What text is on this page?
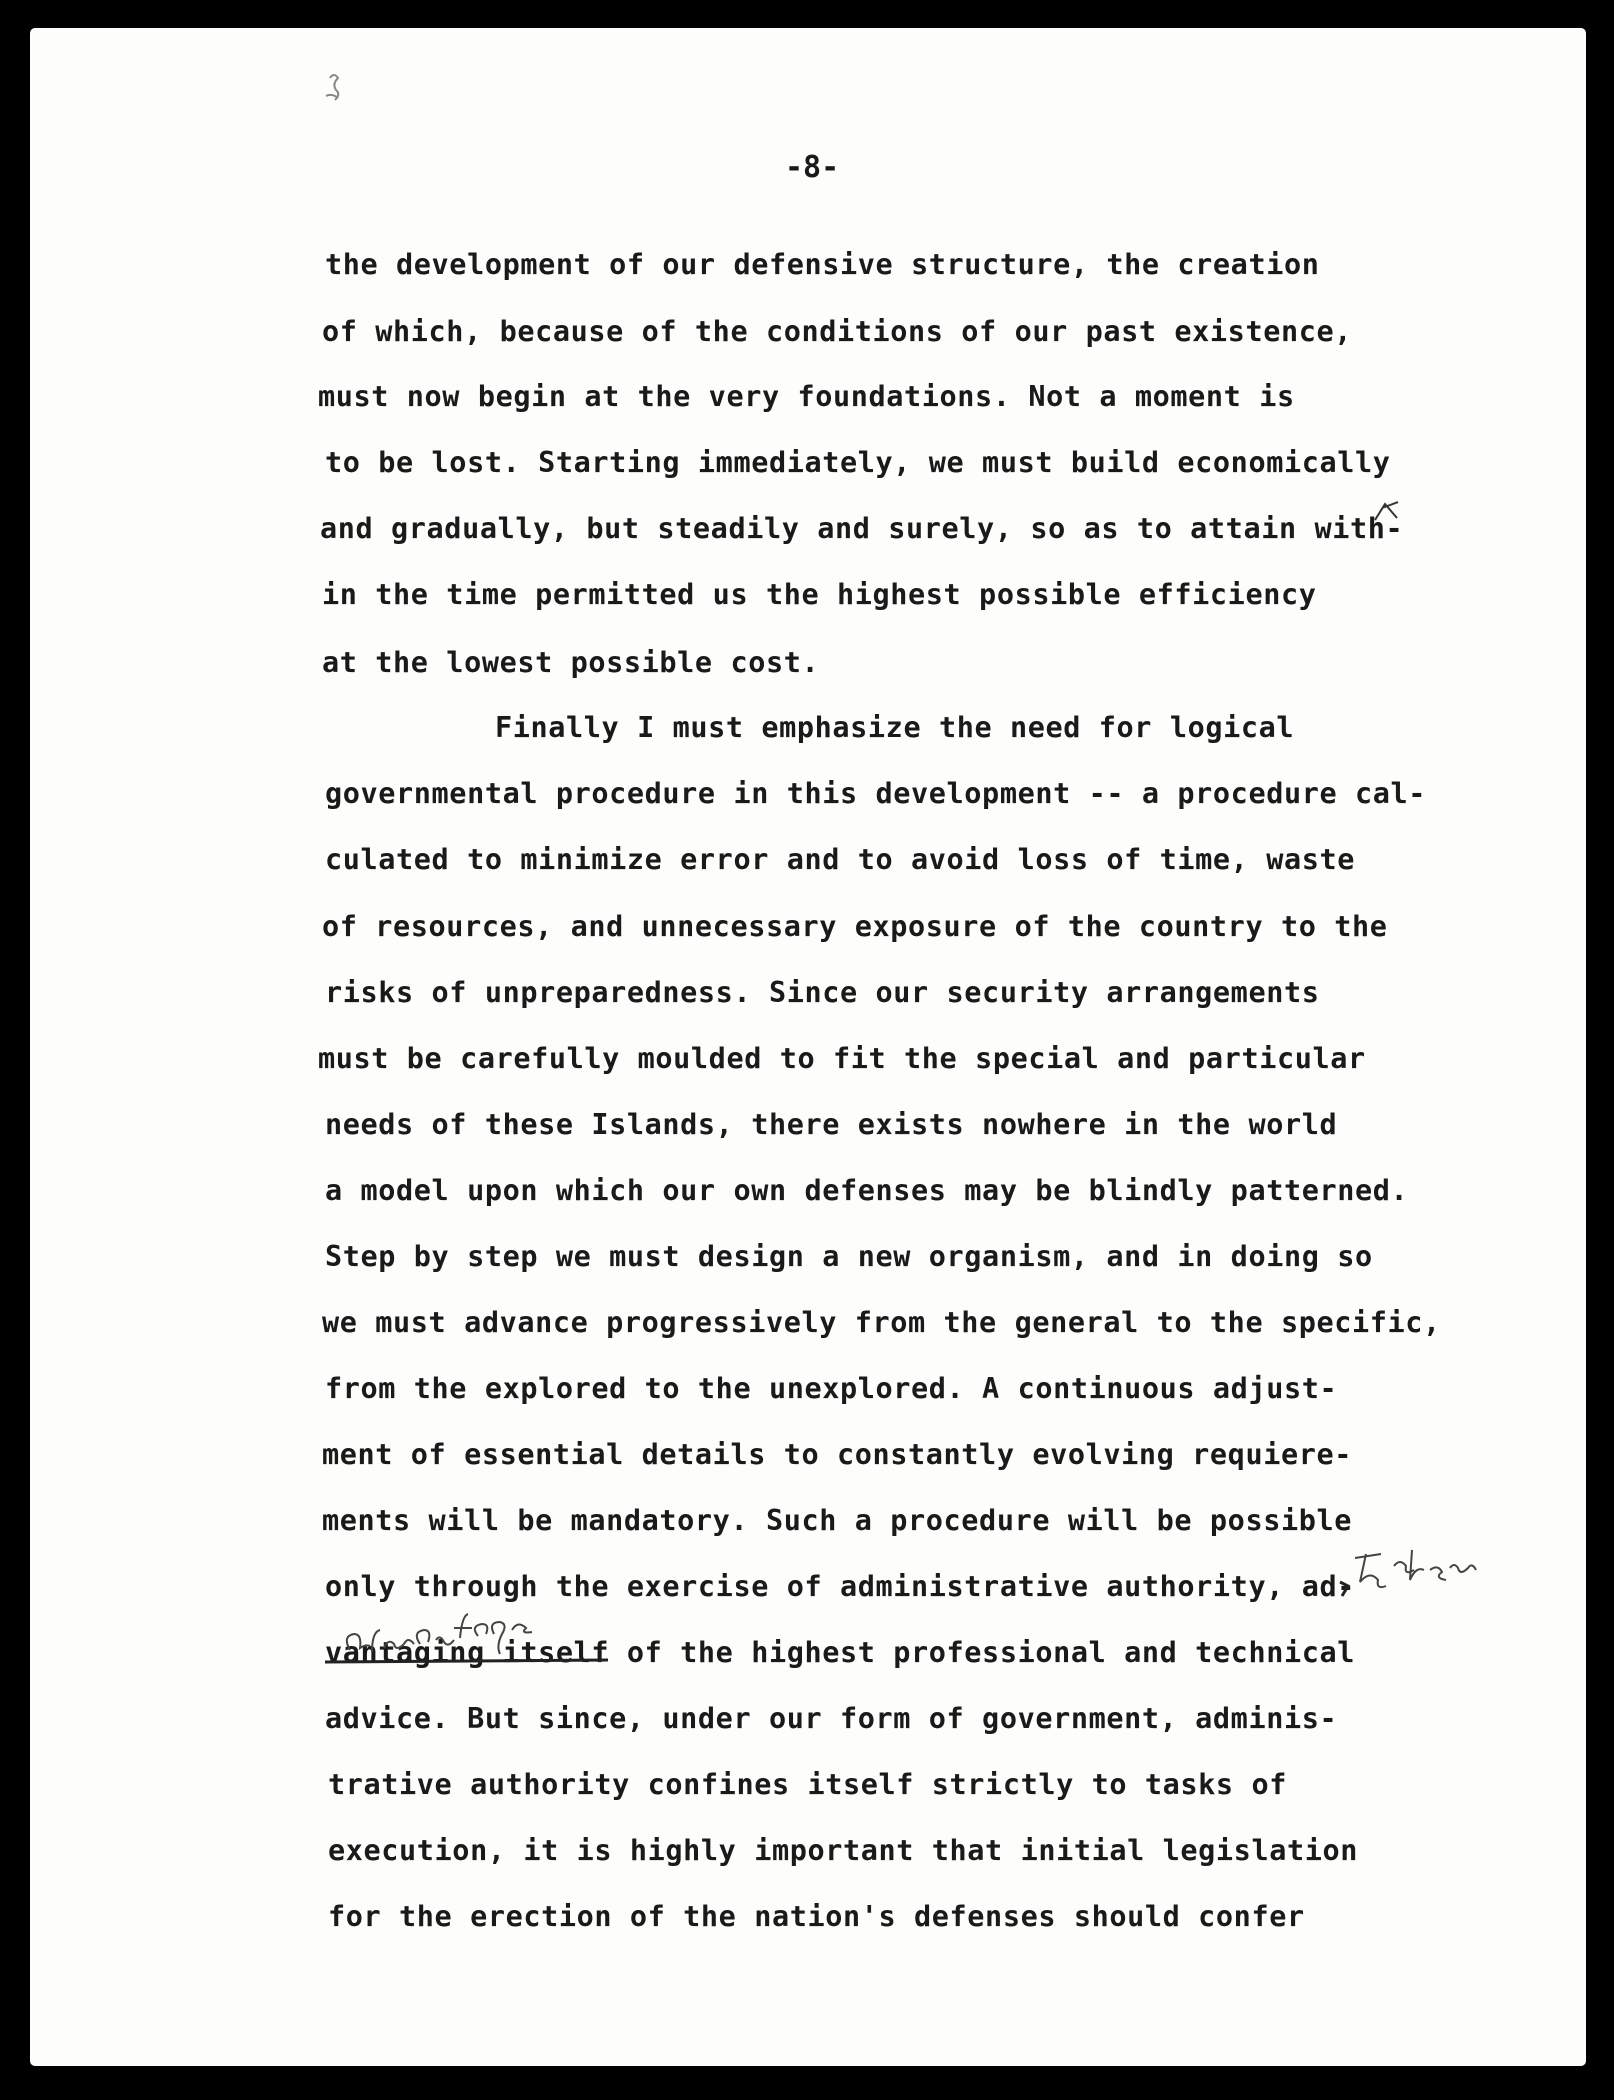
-8-
the development of our defensive structure, the creation
of which, because of the conditions of our past existence,
must now begin at the very foundations. Not a moment is
to be lost. Starting immediately, we must build economically
and gradually, but steadily and surely, so as to attain with-
in the time permitted us the highest possible efficiency
at the lowest possible cost.
Finally I must emphasize the need for logical
governmental procedure in this development -- a procedure cal-
culated to minimize error and to avoid loss of time, waste
of resources, and unnecessary exposure of the country to the
risks of unpreparedness. Since our security arrangements
must be carefully moulded to fit the special and particular
needs of these Islands, there exists nowhere in the world
a model upon which our own defenses may be blindly patterned.
Step by step we must design a new organism, and in doing so
we must advance progressively from the general to the specific,
from the explored to the unexplored. A continuous adjust-
ment of essential details to constantly evolving requiere-
ments will be mandatory. Such a procedure will be possible
only through the exercise of administrative authority, ad-
vantaging itself of the highest professional and technical
advice. But since, under our form of government, adminis-
trative authority confines itself strictly to tasks of
execution, it is highly important that initial legislation
for the erection of the nation's defenses should confer
